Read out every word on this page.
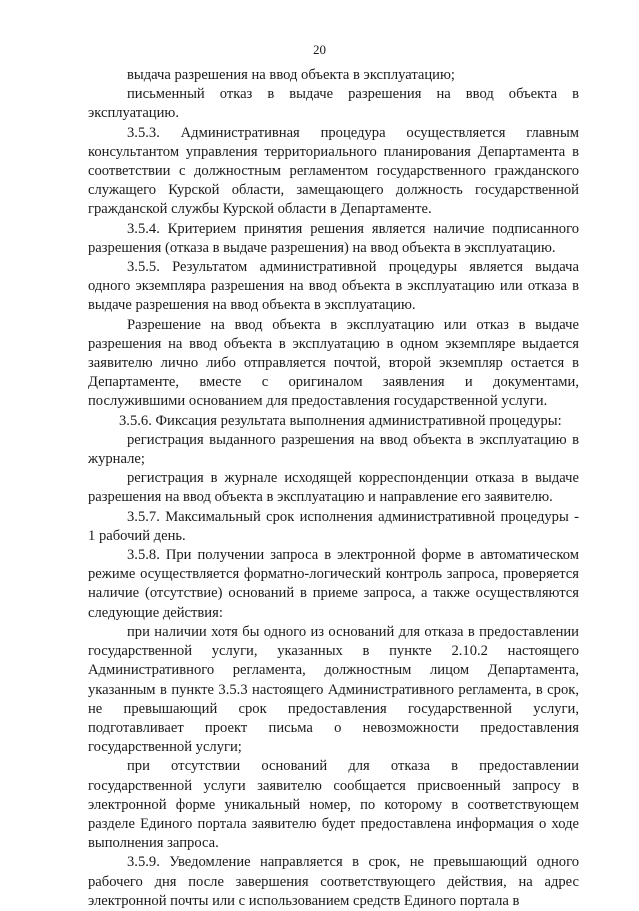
20

выдача разрешения на ввод объекта в эксплуатацию;

письменный отказ в выдаче разрешения на ввод объекта в эксплуатацию.

3.5.3. Административная процедура осуществляется главным консультантом управления территориального планирования Департамента в соответствии с должностным регламентом государственного гражданского служащего Курской области, замещающего должность государственной гражданской службы Курской области в Департаменте.

3.5.4. Критерием принятия решения является наличие подписанного разрешения (отказа в выдаче разрешения) на ввод объекта в эксплуатацию.

3.5.5. Результатом административной процедуры является выдача одного экземпляра разрешения на ввод объекта в эксплуатацию или отказа в выдаче разрешения на ввод объекта в эксплуатацию.

Разрешение на ввод объекта в эксплуатацию или отказ в выдаче разрешения на ввод объекта в эксплуатацию в одном экземпляре выдается заявителю лично либо отправляется почтой, второй экземпляр остается в Департаменте, вместе с оригиналом заявления и документами, послужившими основанием для предоставления государственной услуги.

3.5.6. Фиксация результата выполнения административной процедуры:

регистрация выданного разрешения на ввод объекта в эксплуатацию в журнале;

регистрация в журнале исходящей корреспонденции отказа в выдаче разрешения на ввод объекта в эксплуатацию и направление его заявителю.

3.5.7. Максимальный срок исполнения административной процедуры - 1 рабочий день.

3.5.8. При получении запроса в электронной форме в автоматическом режиме осуществляется форматно-логический контроль запроса, проверяется наличие (отсутствие) оснований в приеме запроса, а также осуществляются следующие действия:

при наличии хотя бы одного из оснований для отказа в предоставлении государственной услуги, указанных в пункте 2.10.2 настоящего Административного регламента, должностным лицом Департамента, указанным в пункте 3.5.3 настоящего Административного регламента, в срок, не превышающий срок предоставления государственной услуги, подготавливает проект письма о невозможности предоставления государственной услуги;

при отсутствии оснований для отказа в предоставлении государственной услуги заявителю сообщается присвоенный запросу в электронной форме уникальный номер, по которому в соответствующем разделе Единого портала заявителю будет предоставлена информация о ходе выполнения запроса.

3.5.9. Уведомление направляется в срок, не превышающий одного рабочего дня после завершения соответствующего действия, на адрес электронной почты или с использованием средств Единого портала в
